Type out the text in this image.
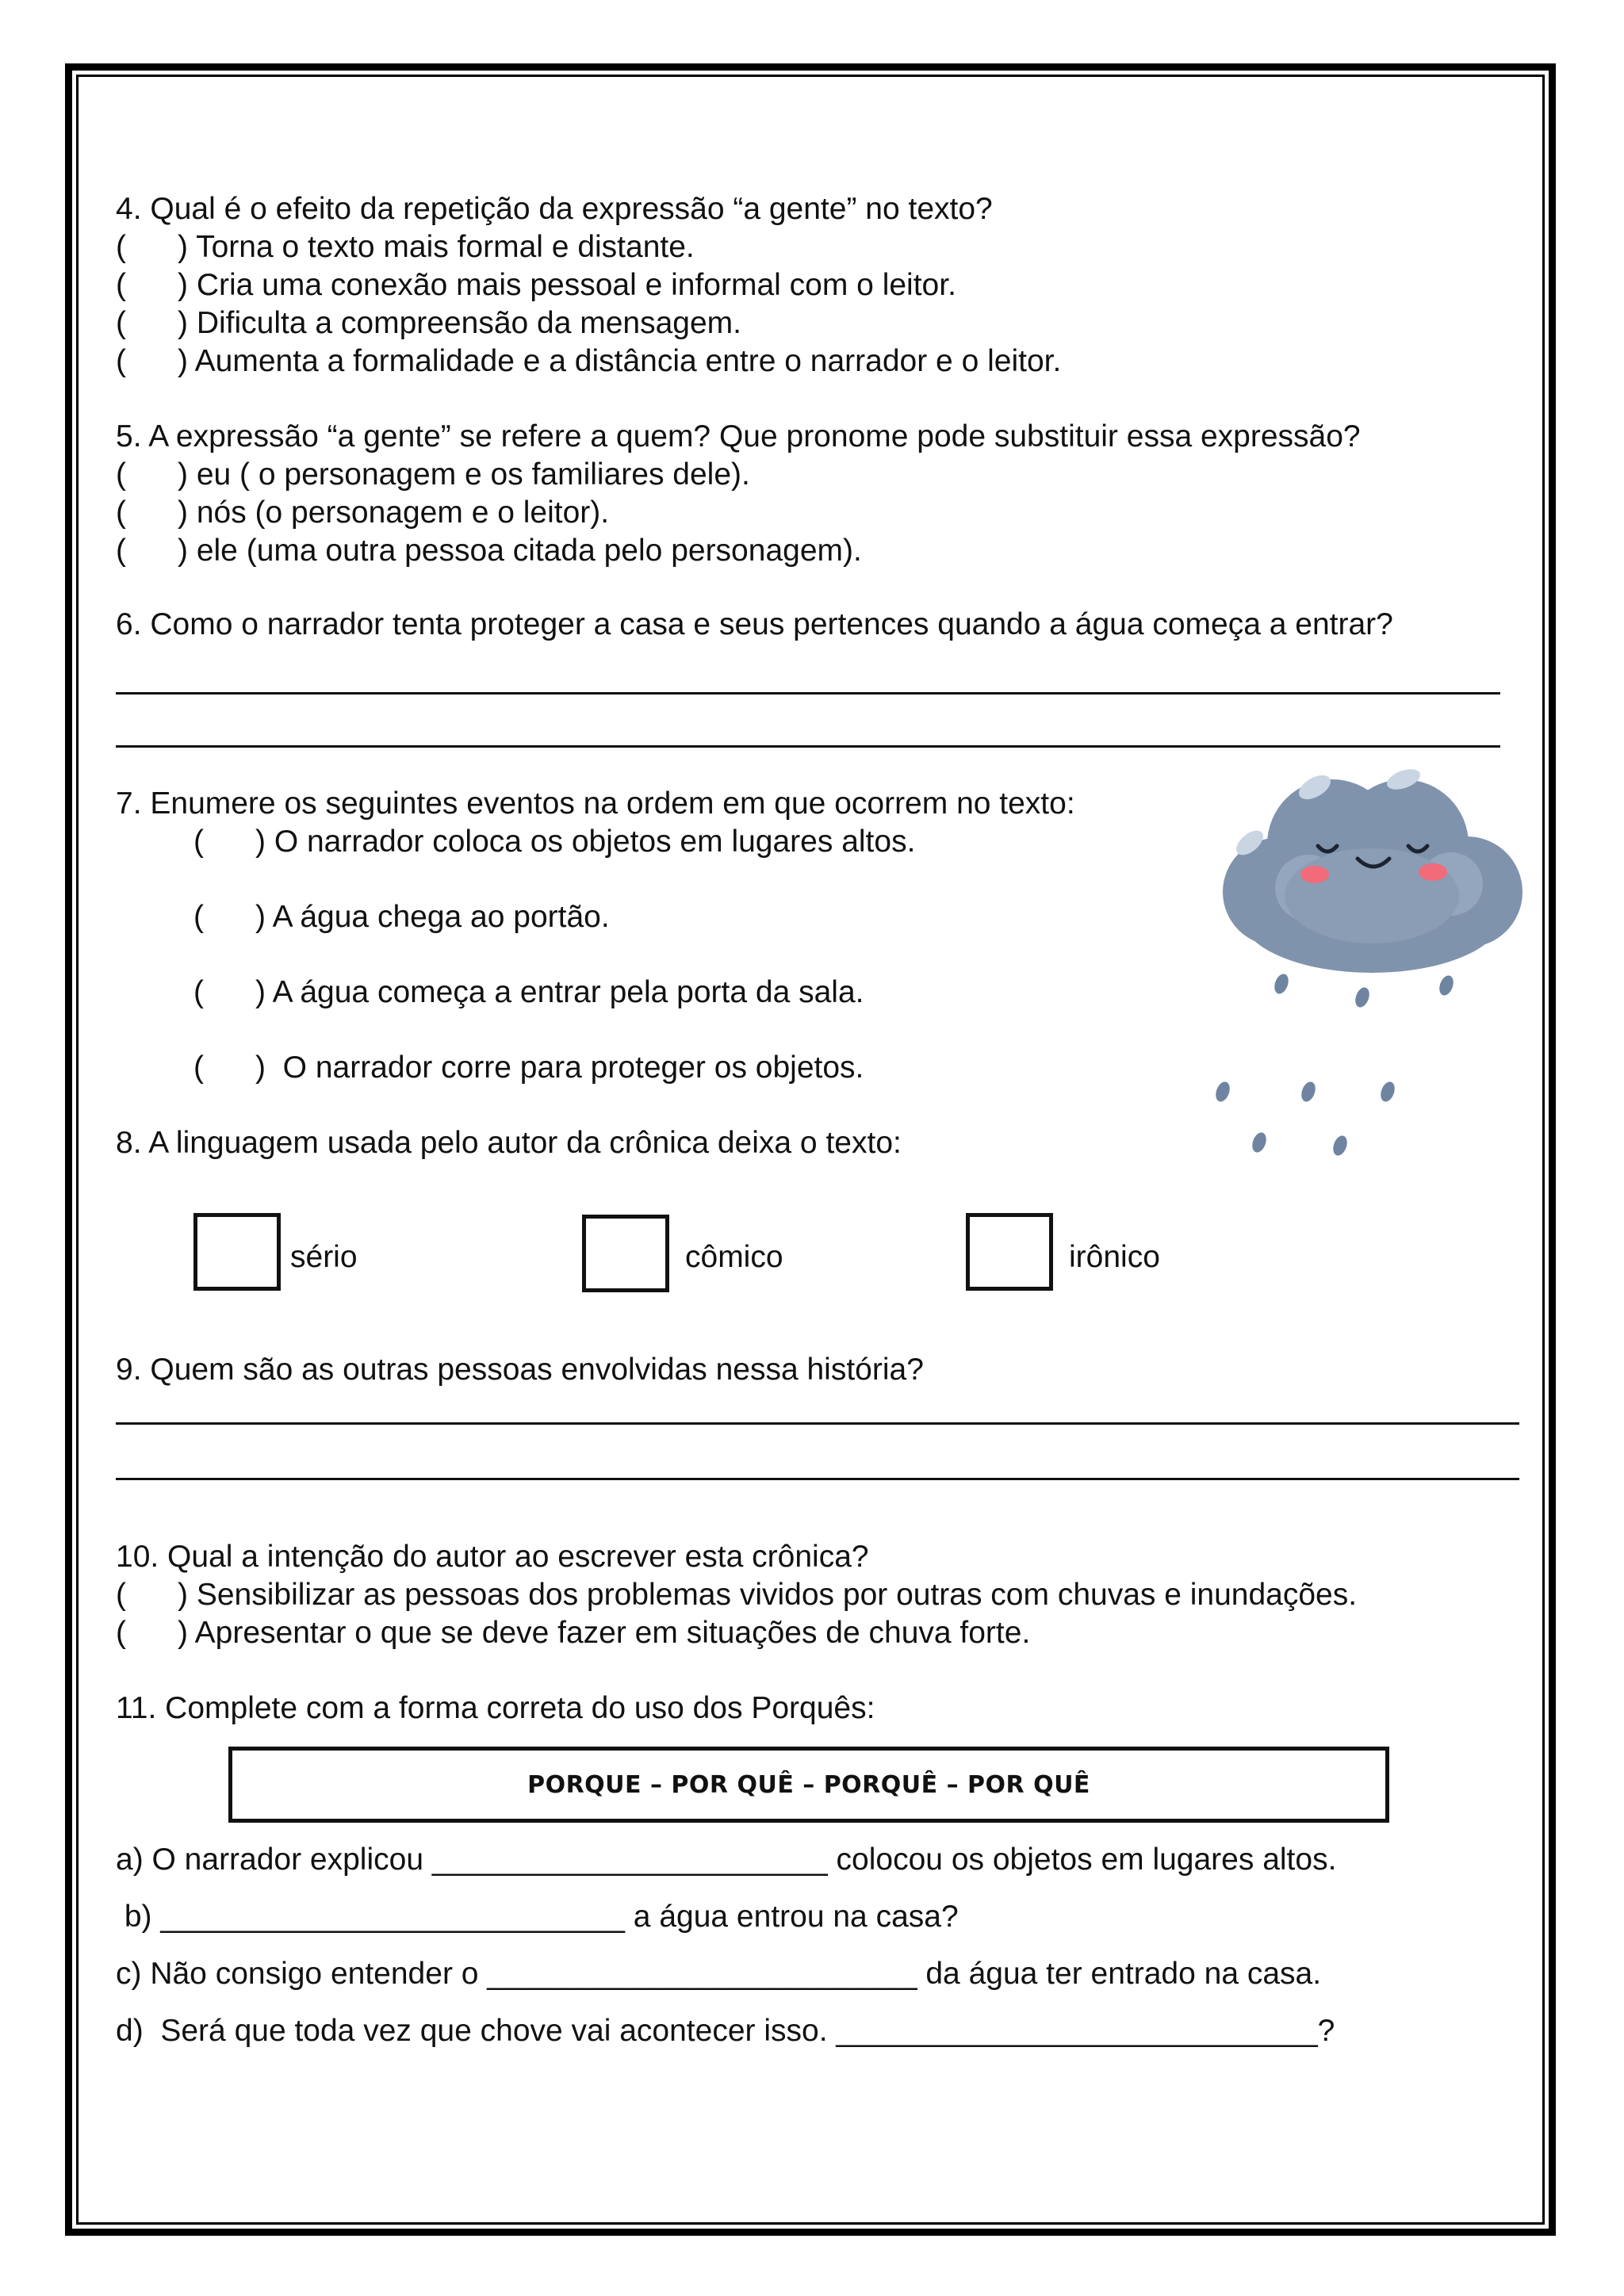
4. Qual é o efeito da repetição da expressão “a gente” no texto?

(      ) Torna o texto mais formal e distante.

(      ) Cria uma conexão mais pessoal e informal com o leitor.

(      ) Dificulta a compreensão da mensagem.

(      ) Aumenta a formalidade e a distância entre o narrador e o leitor.

5. A expressão “a gente” se refere a quem? Que pronome pode substituir essa expressão?

(      ) eu ( o personagem e os familiares dele).

(      ) nós (o personagem e o leitor).

(      ) ele (uma outra pessoa citada pelo personagem).

6. Como o narrador tenta proteger a casa e seus pertences quando a água começa a entrar?

7. Enumere os seguintes eventos na ordem em que ocorrem no texto:

(      ) O narrador coloca os objetos em lugares altos.

(      ) A água chega ao portão.

(      ) A água começa a entrar pela porta da sala.

(      )  O narrador corre para proteger os objetos.

8. A linguagem usada pelo autor da crônica deixa o texto:

sério	cômico	irônico

9. Quem são as outras pessoas envolvidas nessa história?

10. Qual a intenção do autor ao escrever esta crônica?

(      ) Sensibilizar as pessoas dos problemas vividos por outras com chuvas e inundações.

(      ) Apresentar o que se deve fazer em situações de chuva forte.

11. Complete com a forma correta do uso dos Porquês:

PORQUE – POR QUÊ – PORQUÊ – POR QUÊ

a) O narrador explicou _______________________ colocou os objetos em lugares altos.

b) ___________________________ a água entrou na casa?

c) Não consigo entender o _________________________ da água ter entrado na casa.

d)  Será que toda vez que chove vai acontecer isso. ____________________________?
